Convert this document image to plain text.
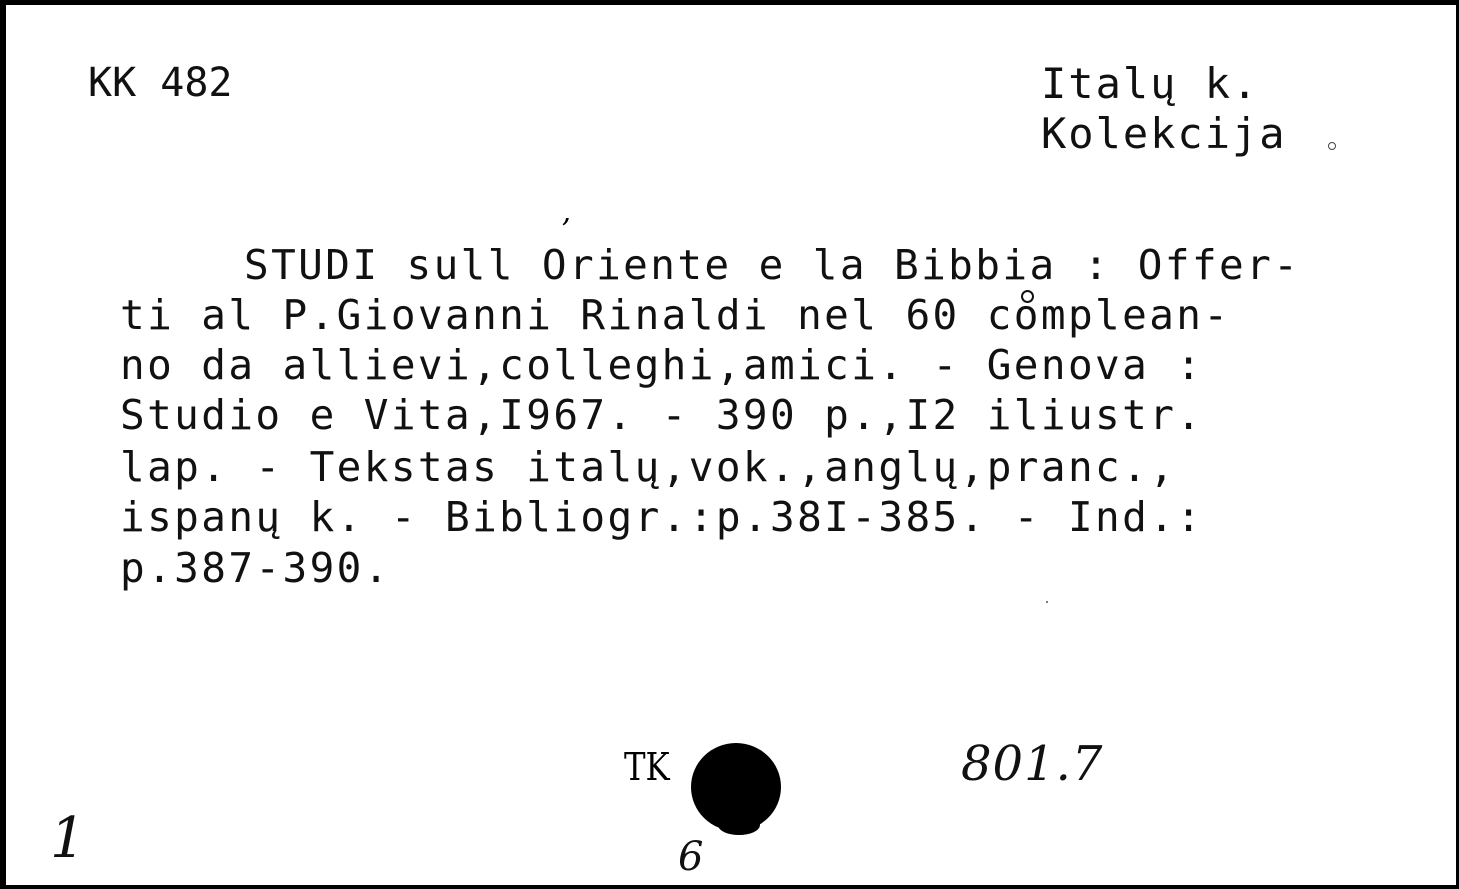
KK 482	Italų k.
Kolekcija
STUDI sull Oriente e la Bibbia : Offer-
ti al P.Giovanni Rinaldi nel 60 complean-
no da allievi,colleghi,amici. - Genova :
Studio e Vita,I967. - 390 p.,I2 iliustr.
lap. - Tekstas italų,vok.,anglų,pranc.,
ispanų k. - Bibliogr.:p.38I-385. - Ind.:
p.387-390.
’
TK	801.7
6
1
